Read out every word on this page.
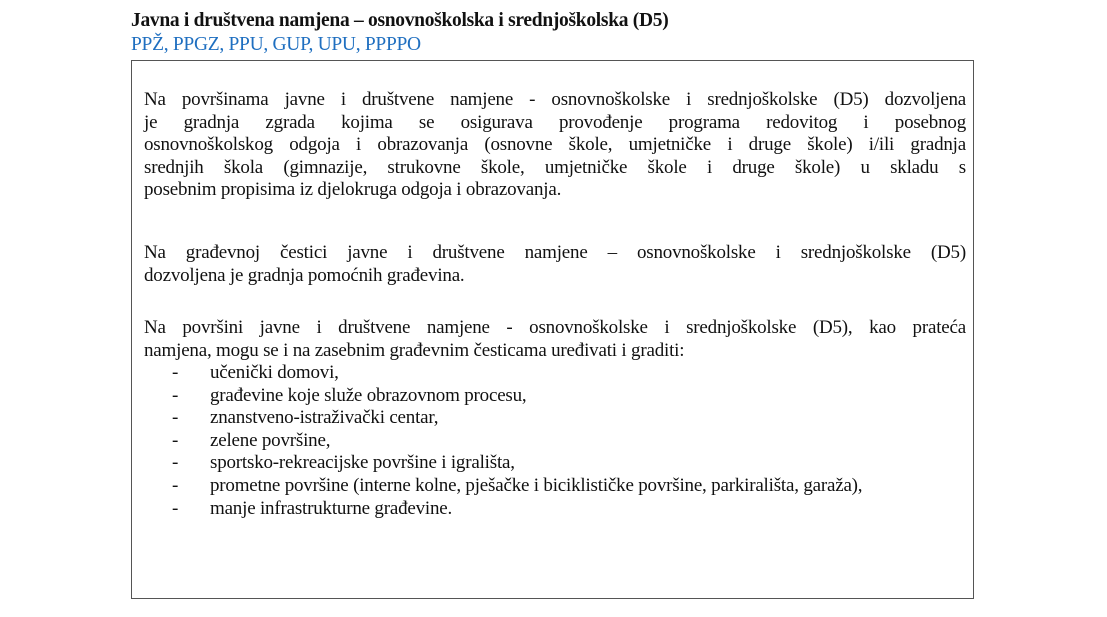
Javna i društvena namjena – osnovnoškolska i srednjoškolska (D5)
PPŽ, PPGZ, PPU, GUP, UPU, PPPPO
Na površinama javne i društvene namjene - osnovnoškolske i srednjoškolske (D5) dozvoljena
je gradnja zgrada kojima se osigurava provođenje programa redovitog i posebnog
osnovnoškolskog odgoja i obrazovanja (osnovne škole, umjetničke i druge škole) i/ili gradnja
srednjih škola (gimnazije, strukovne škole, umjetničke škole i druge škole) u skladu s
posebnim propisima iz djelokruga odgoja i obrazovanja.
Na građevnoj čestici javne i društvene namjene – osnovnoškolske i srednjoškolske (D5)
dozvoljena je gradnja pomoćnih građevina.
Na površini javne i društvene namjene - osnovnoškolske i srednjoškolske (D5), kao prateća
namjena, mogu se i na zasebnim građevnim česticama uređivati i graditi:
-	učenički domovi,
-	građevine koje služe obrazovnom procesu,
-	znanstveno-istraživački centar,
-	zelene površine,
-	sportsko-rekreacijske površine i igrališta,
-	prometne površine (interne kolne, pješačke i biciklističke površine, parkirališta, garaža),
-	manje infrastrukturne građevine.
